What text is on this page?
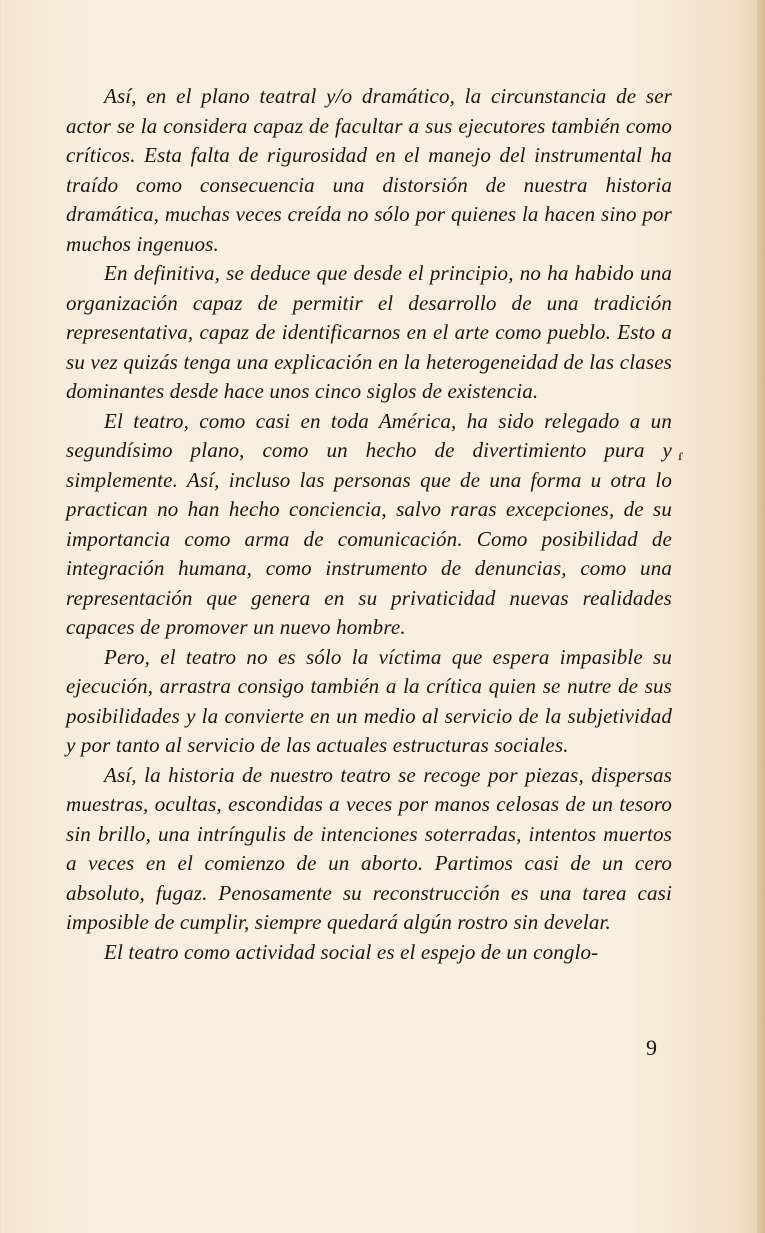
Así, en el plano teatral y/o dramático, la circunstancia de ser actor se la considera capaz de facultar a sus ejecutores también como críticos. Esta falta de rigurosidad en el manejo del instrumental ha traído como consecuencia una distorsión de nuestra historia dramática, muchas veces creída no sólo por quienes la hacen sino por muchos ingenuos.

En definitiva, se deduce que desde el principio, no ha habido una organización capaz de permitir el desarrollo de una tradición representativa, capaz de identificarnos en el arte como pueblo. Esto a su vez quizás tenga una explicación en la heterogeneidad de las clases dominantes desde hace unos cinco siglos de existencia.

El teatro, como casi en toda América, ha sido relegado a un segundísimo plano, como un hecho de divertimiento pura y simplemente. Así, incluso las personas que de una forma u otra lo practican no han hecho conciencia, salvo raras excepciones, de su importancia como arma de comunicación. Como posibilidad de integración humana, como instrumento de denuncias, como una representación que genera en su privaticidad nuevas realidades capaces de promover un nuevo hombre.

Pero, el teatro no es sólo la víctima que espera impasible su ejecución, arrastra consigo también a la crítica quien se nutre de sus posibilidades y la convierte en un medio al servicio de la subjetividad y por tanto al servicio de las actuales estructuras sociales.

Así, la historia de nuestro teatro se recoge por piezas, dispersas muestras, ocultas, escondidas a veces por manos celosas de un tesoro sin brillo, una intríngulis de intenciones soterradas, intentos muertos a veces en el comienzo de un aborto. Partimos casi de un cero absoluto, fugaz. Penosamente su reconstrucción es una tarea casi imposible de cumplir, siempre quedará algún rostro sin develar.

El teatro como actividad social es el espejo de un conglo-

ɾ
9
